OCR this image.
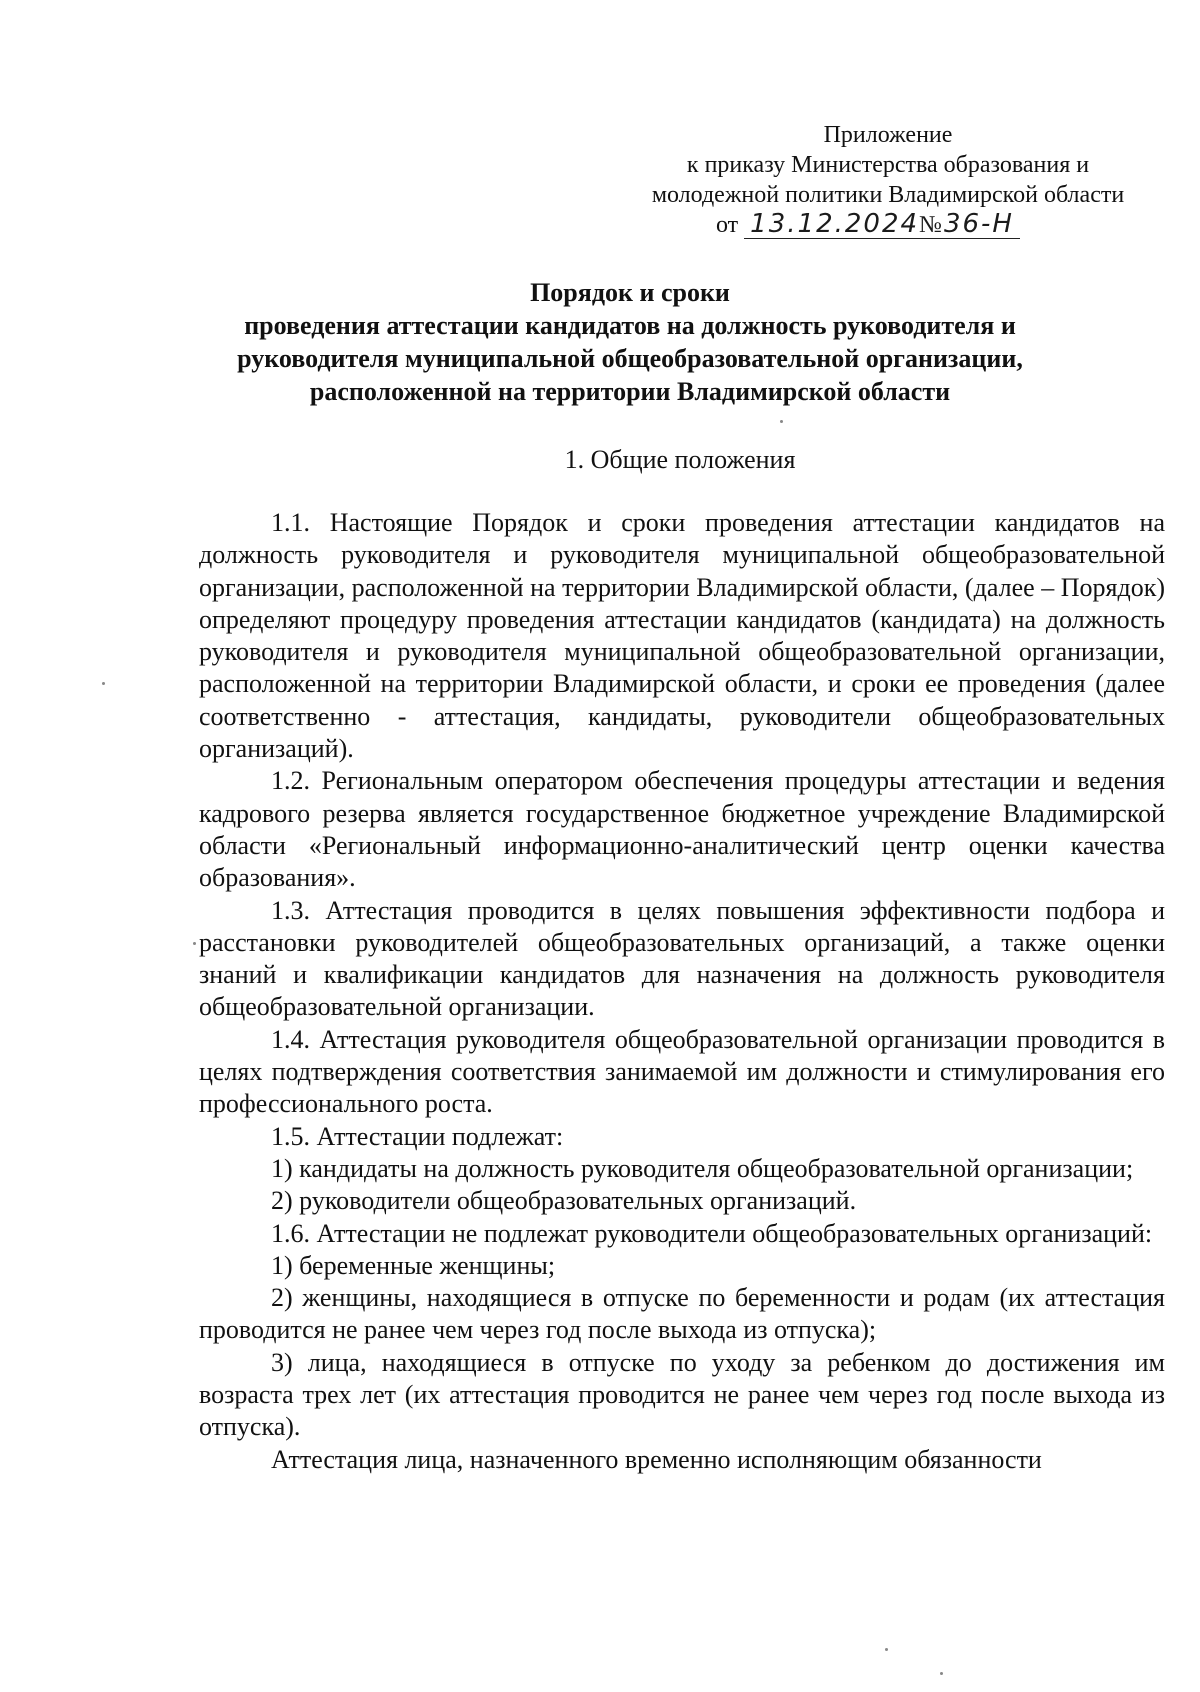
Приложение
к приказу Министерства образования и
молодежной политики Владимирской области
от 13.12.2024№36-Н
Порядок и сроки
проведения аттестации кандидатов на должность руководителя и
руководителя муниципальной общеобразовательной организации,
расположенной на территории Владимирской области
1. Общие положения

1.1. Настоящие Порядок и сроки проведения аттестации кандидатов на должность руководителя и руководителя муниципальной общеобразовательной организации, расположенной на территории Владимирской области, (далее – Порядок) определяют процедуру проведения аттестации кандидатов (кандидата) на должность руководителя и руководителя муниципальной общеобразовательной организации, расположенной на территории Владимирской области, и сроки ее проведения (далее соответственно - аттестация, кандидаты, руководители общеобразовательных организаций).

1.2. Региональным оператором обеспечения процедуры аттестации и ведения кадрового резерва является государственное бюджетное учреждение Владимирской области «Региональный информационно-аналитический центр оценки качества образования».

1.3. Аттестация проводится в целях повышения эффективности подбора и расстановки руководителей общеобразовательных организаций, а также оценки знаний и квалификации кандидатов для назначения на должность руководителя общеобразовательной организации.

1.4. Аттестация руководителя общеобразовательной организации проводится в целях подтверждения соответствия занимаемой им должности и стимулирования его профессионального роста.

1.5. Аттестации подлежат:

1) кандидаты на должность руководителя общеобразовательной организации;

2) руководители общеобразовательных организаций.

1.6. Аттестации не подлежат руководители общеобразовательных организаций:

1) беременные женщины;

2) женщины, находящиеся в отпуске по беременности и родам (их аттестация проводится не ранее чем через год после выхода из отпуска);

3) лица, находящиеся в отпуске по уходу за ребенком до достижения им возраста трех лет (их аттестация проводится не ранее чем через год после выхода из отпуска).

Аттестация лица, назначенного временно исполняющим обязанности
